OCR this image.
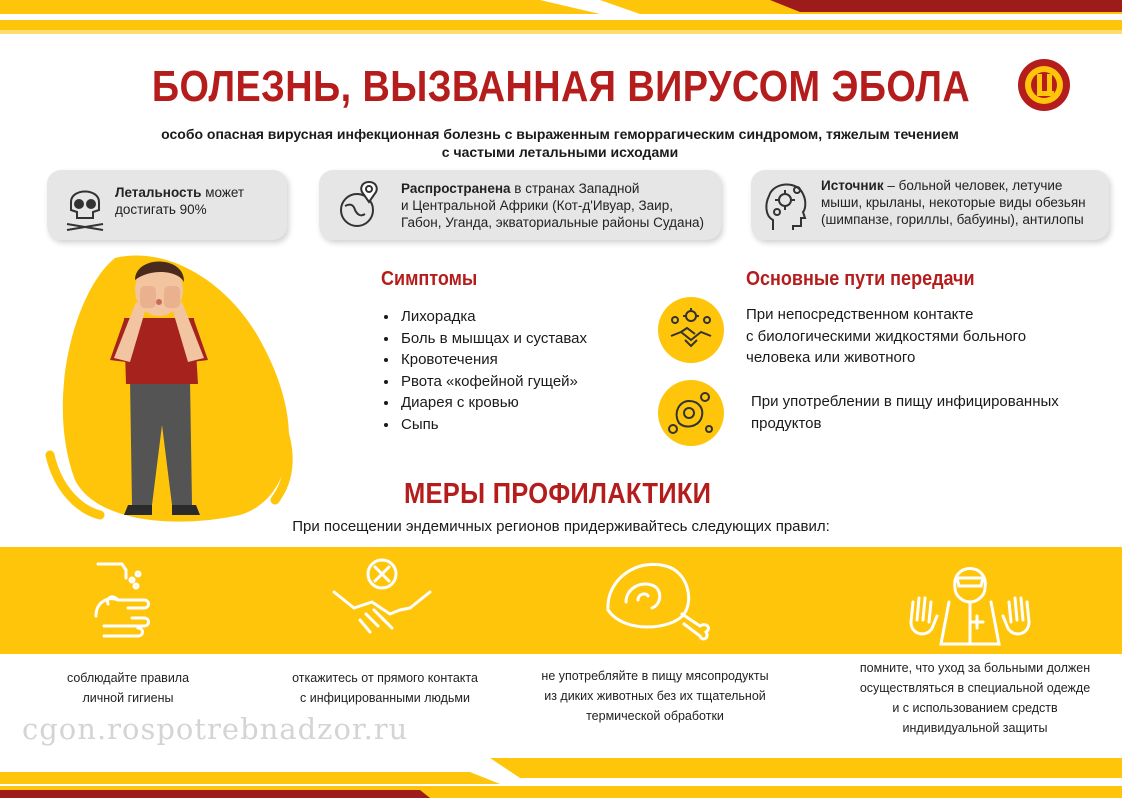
БОЛЕЗНЬ, ВЫЗВАННАЯ ВИРУСОМ ЭБОЛА
особо опасная вирусная инфекционная болезнь с выраженным геморрагическим синдромом, тяжелым течением
с частыми летальными исходами
Летальность может
достигать 90%
Распространена в странах Западной
и Центральной Африки (Кот-д'Ивуар, Заир,
Габон, Уганда, экваториальные районы Судана)
Источник – больной человек, летучие
мыши, крыланы, некоторые виды обезьян
(шимпанзе, гориллы, бабуины), антилопы
Симптомы
• Лихорадка
• Боль в мышцах и суставах
• Кровотечения
• Рвота «кофейной гущей»
• Диарея с кровью
• Сыпь
Основные пути передачи
При непосредственном контакте
с биологическими жидкостями больного
человека или животного
При употреблении в пищу инфицированных
продуктов
МЕРЫ ПРОФИЛАКТИКИ
При посещении эндемичных регионов придерживайтесь следующих правил:
соблюдайте правила
личной гигиены
откажитесь от прямого контакта
с инфицированными людьми
не употребляйте в пищу мясопродукты
из диких животных без их тщательной
термической обработки
помните, что уход за больными должен
осуществляться в специальной одежде
и с использованием средств
индивидуальной защиты
cgon.rospotrebnadzor.ru
